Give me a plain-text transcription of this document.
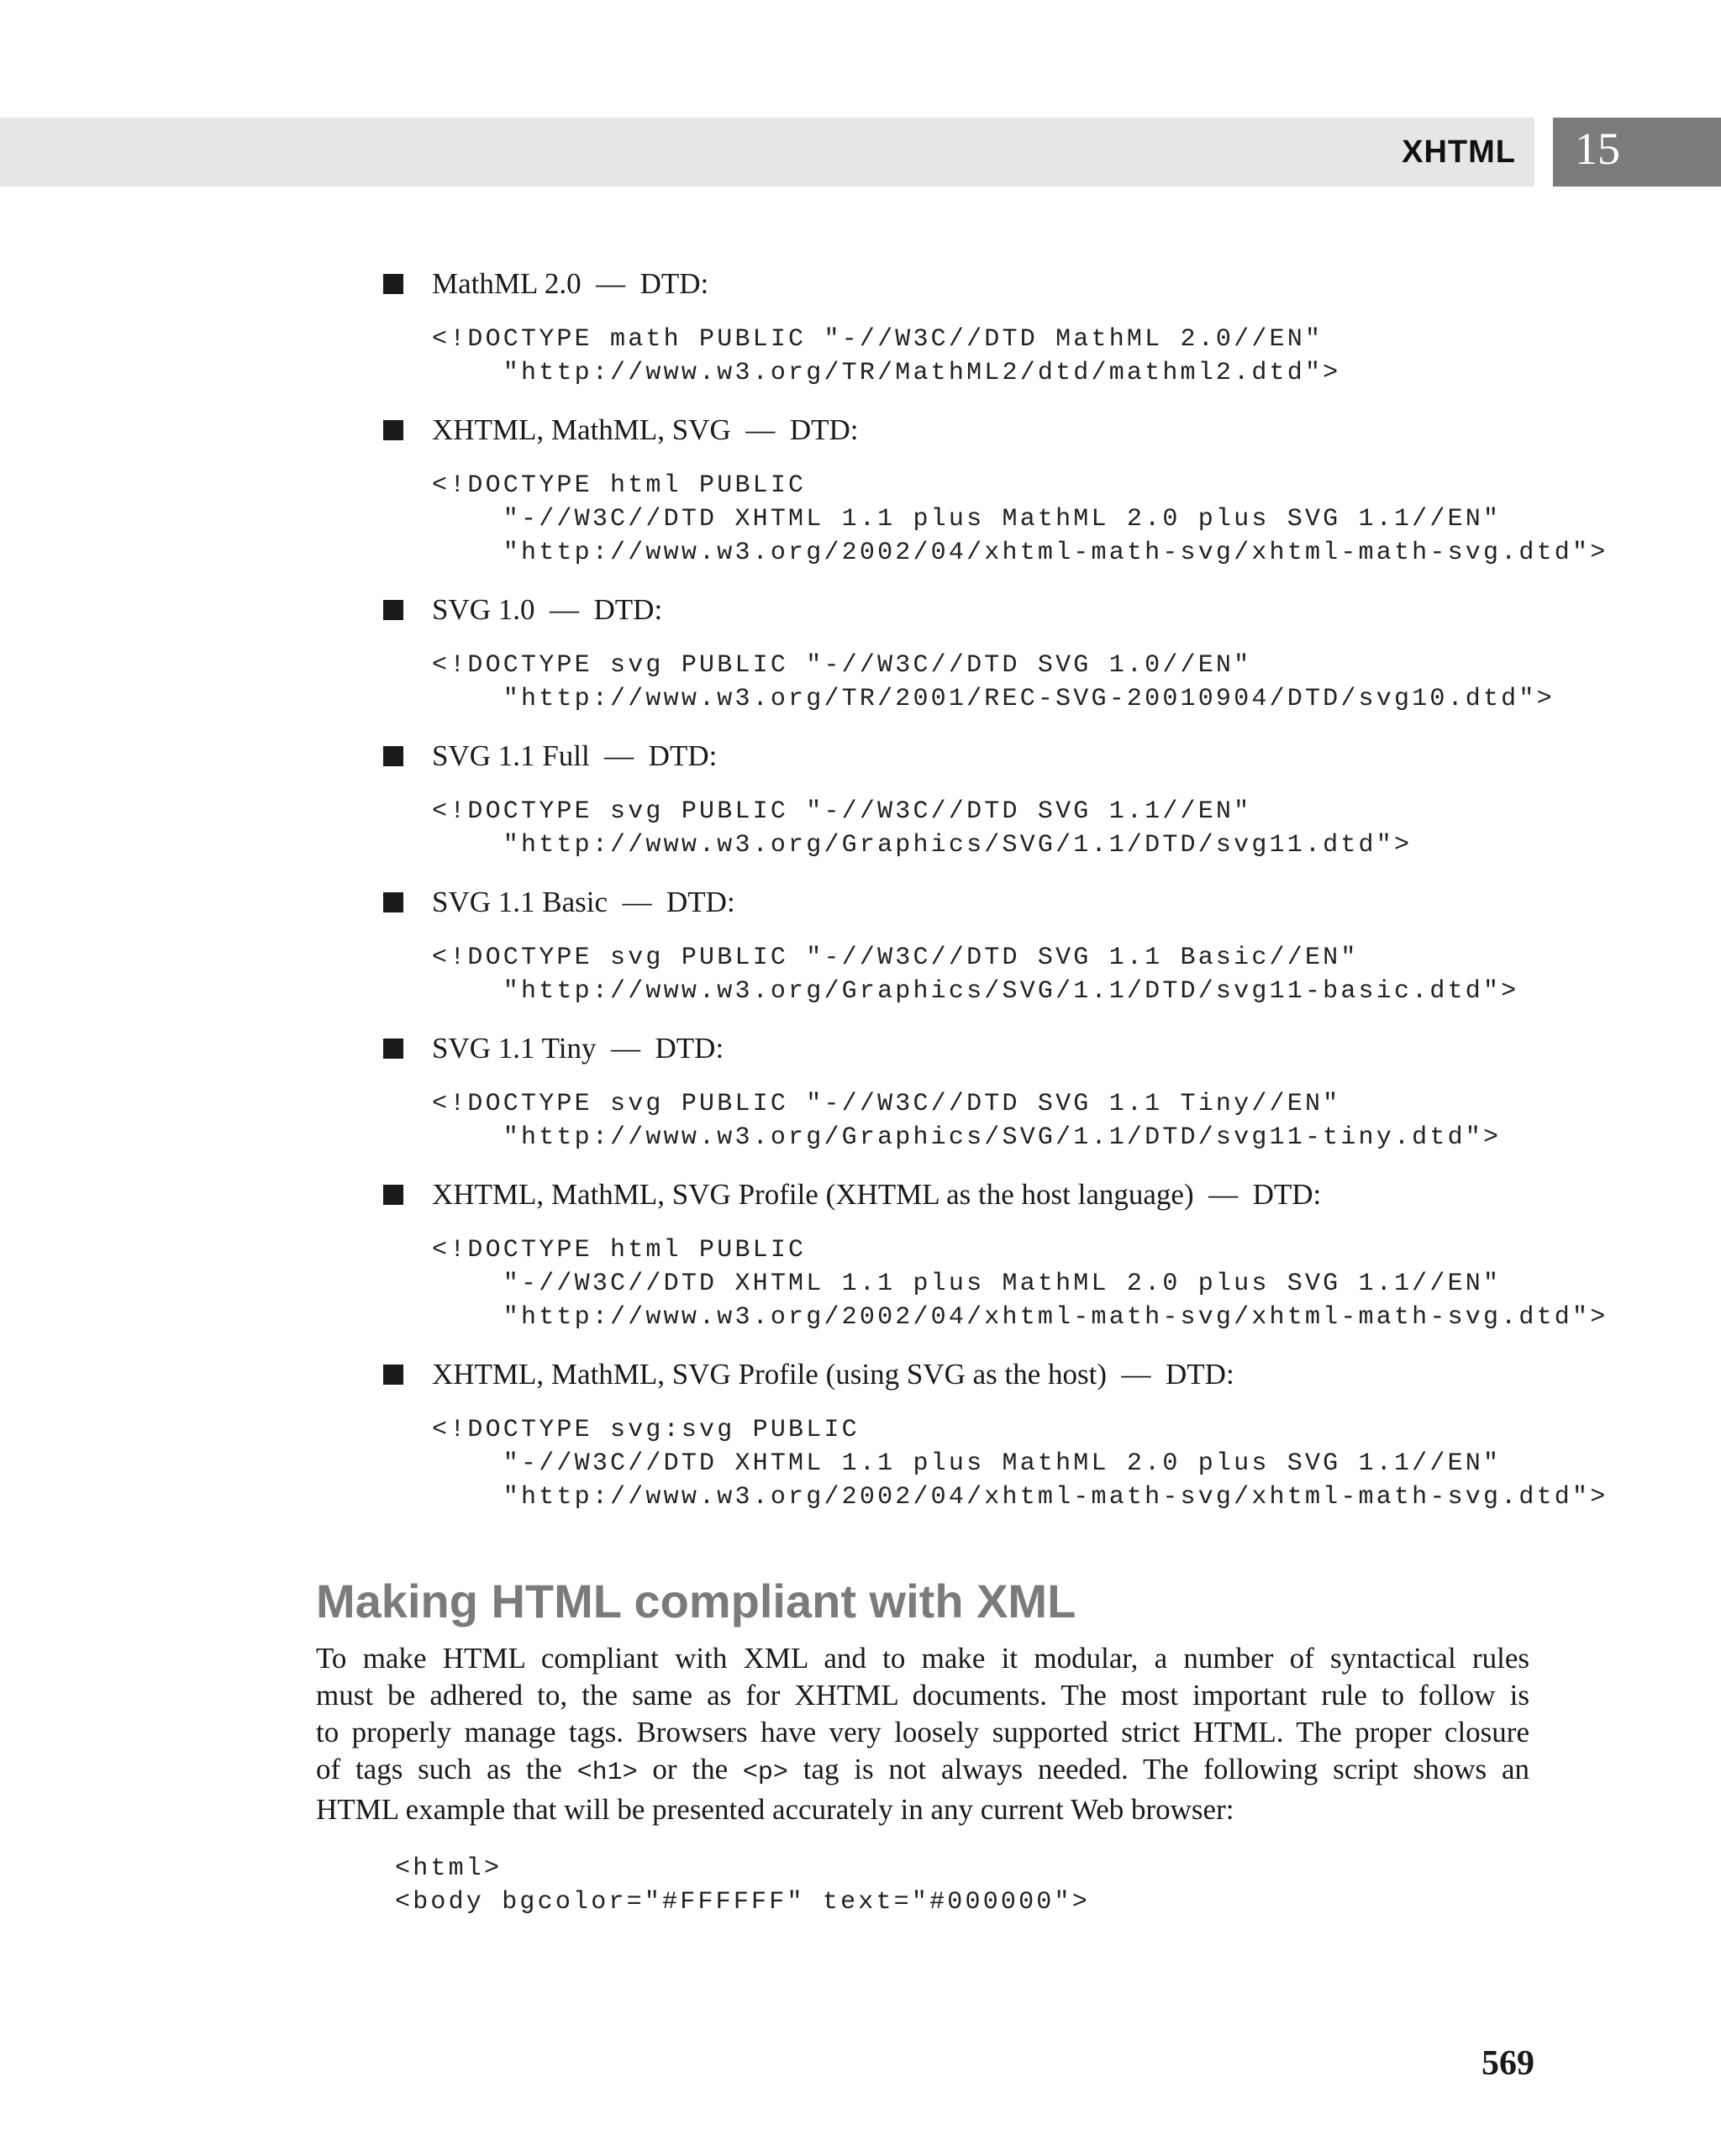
XHTML 15
MathML 2.0  —  DTD:
<!DOCTYPE math PUBLIC "-//W3C//DTD MathML 2.0//EN"
"http://www.w3.org/TR/MathML2/dtd/mathml2.dtd">
XHTML, MathML, SVG  —  DTD:
<!DOCTYPE html PUBLIC
"-//W3C//DTD XHTML 1.1 plus MathML 2.0 plus SVG 1.1//EN"
"http://www.w3.org/2002/04/xhtml-math-svg/xhtml-math-svg.dtd">
SVG 1.0  —  DTD:
<!DOCTYPE svg PUBLIC "-//W3C//DTD SVG 1.0//EN"
"http://www.w3.org/TR/2001/REC-SVG-20010904/DTD/svg10.dtd">
SVG 1.1 Full  —  DTD:
<!DOCTYPE svg PUBLIC "-//W3C//DTD SVG 1.1//EN"
"http://www.w3.org/Graphics/SVG/1.1/DTD/svg11.dtd">
SVG 1.1 Basic  —  DTD:
<!DOCTYPE svg PUBLIC "-//W3C//DTD SVG 1.1 Basic//EN"
"http://www.w3.org/Graphics/SVG/1.1/DTD/svg11-basic.dtd">
SVG 1.1 Tiny  —  DTD:
<!DOCTYPE svg PUBLIC "-//W3C//DTD SVG 1.1 Tiny//EN"
"http://www.w3.org/Graphics/SVG/1.1/DTD/svg11-tiny.dtd">
XHTML, MathML, SVG Profile (XHTML as the host language)  —  DTD:
<!DOCTYPE html PUBLIC
"-//W3C//DTD XHTML 1.1 plus MathML 2.0 plus SVG 1.1//EN"
"http://www.w3.org/2002/04/xhtml-math-svg/xhtml-math-svg.dtd">
XHTML, MathML, SVG Profile (using SVG as the host)  —  DTD:
<!DOCTYPE svg:svg PUBLIC
"-//W3C//DTD XHTML 1.1 plus MathML 2.0 plus SVG 1.1//EN"
"http://www.w3.org/2002/04/xhtml-math-svg/xhtml-math-svg.dtd">
Making HTML compliant with XML

To make HTML compliant with XML and to make it modular, a number of syntactical rules
must be adhered to, the same as for XHTML documents. The most important rule to follow is
to properly manage tags. Browsers have very loosely supported strict HTML. The proper closure
of tags such as the <h1> or the <p> tag is not always needed. The following script shows an
HTML example that will be presented accurately in any current Web browser:

<html>
<body bgcolor="#FFFFFF" text="#000000">
569
